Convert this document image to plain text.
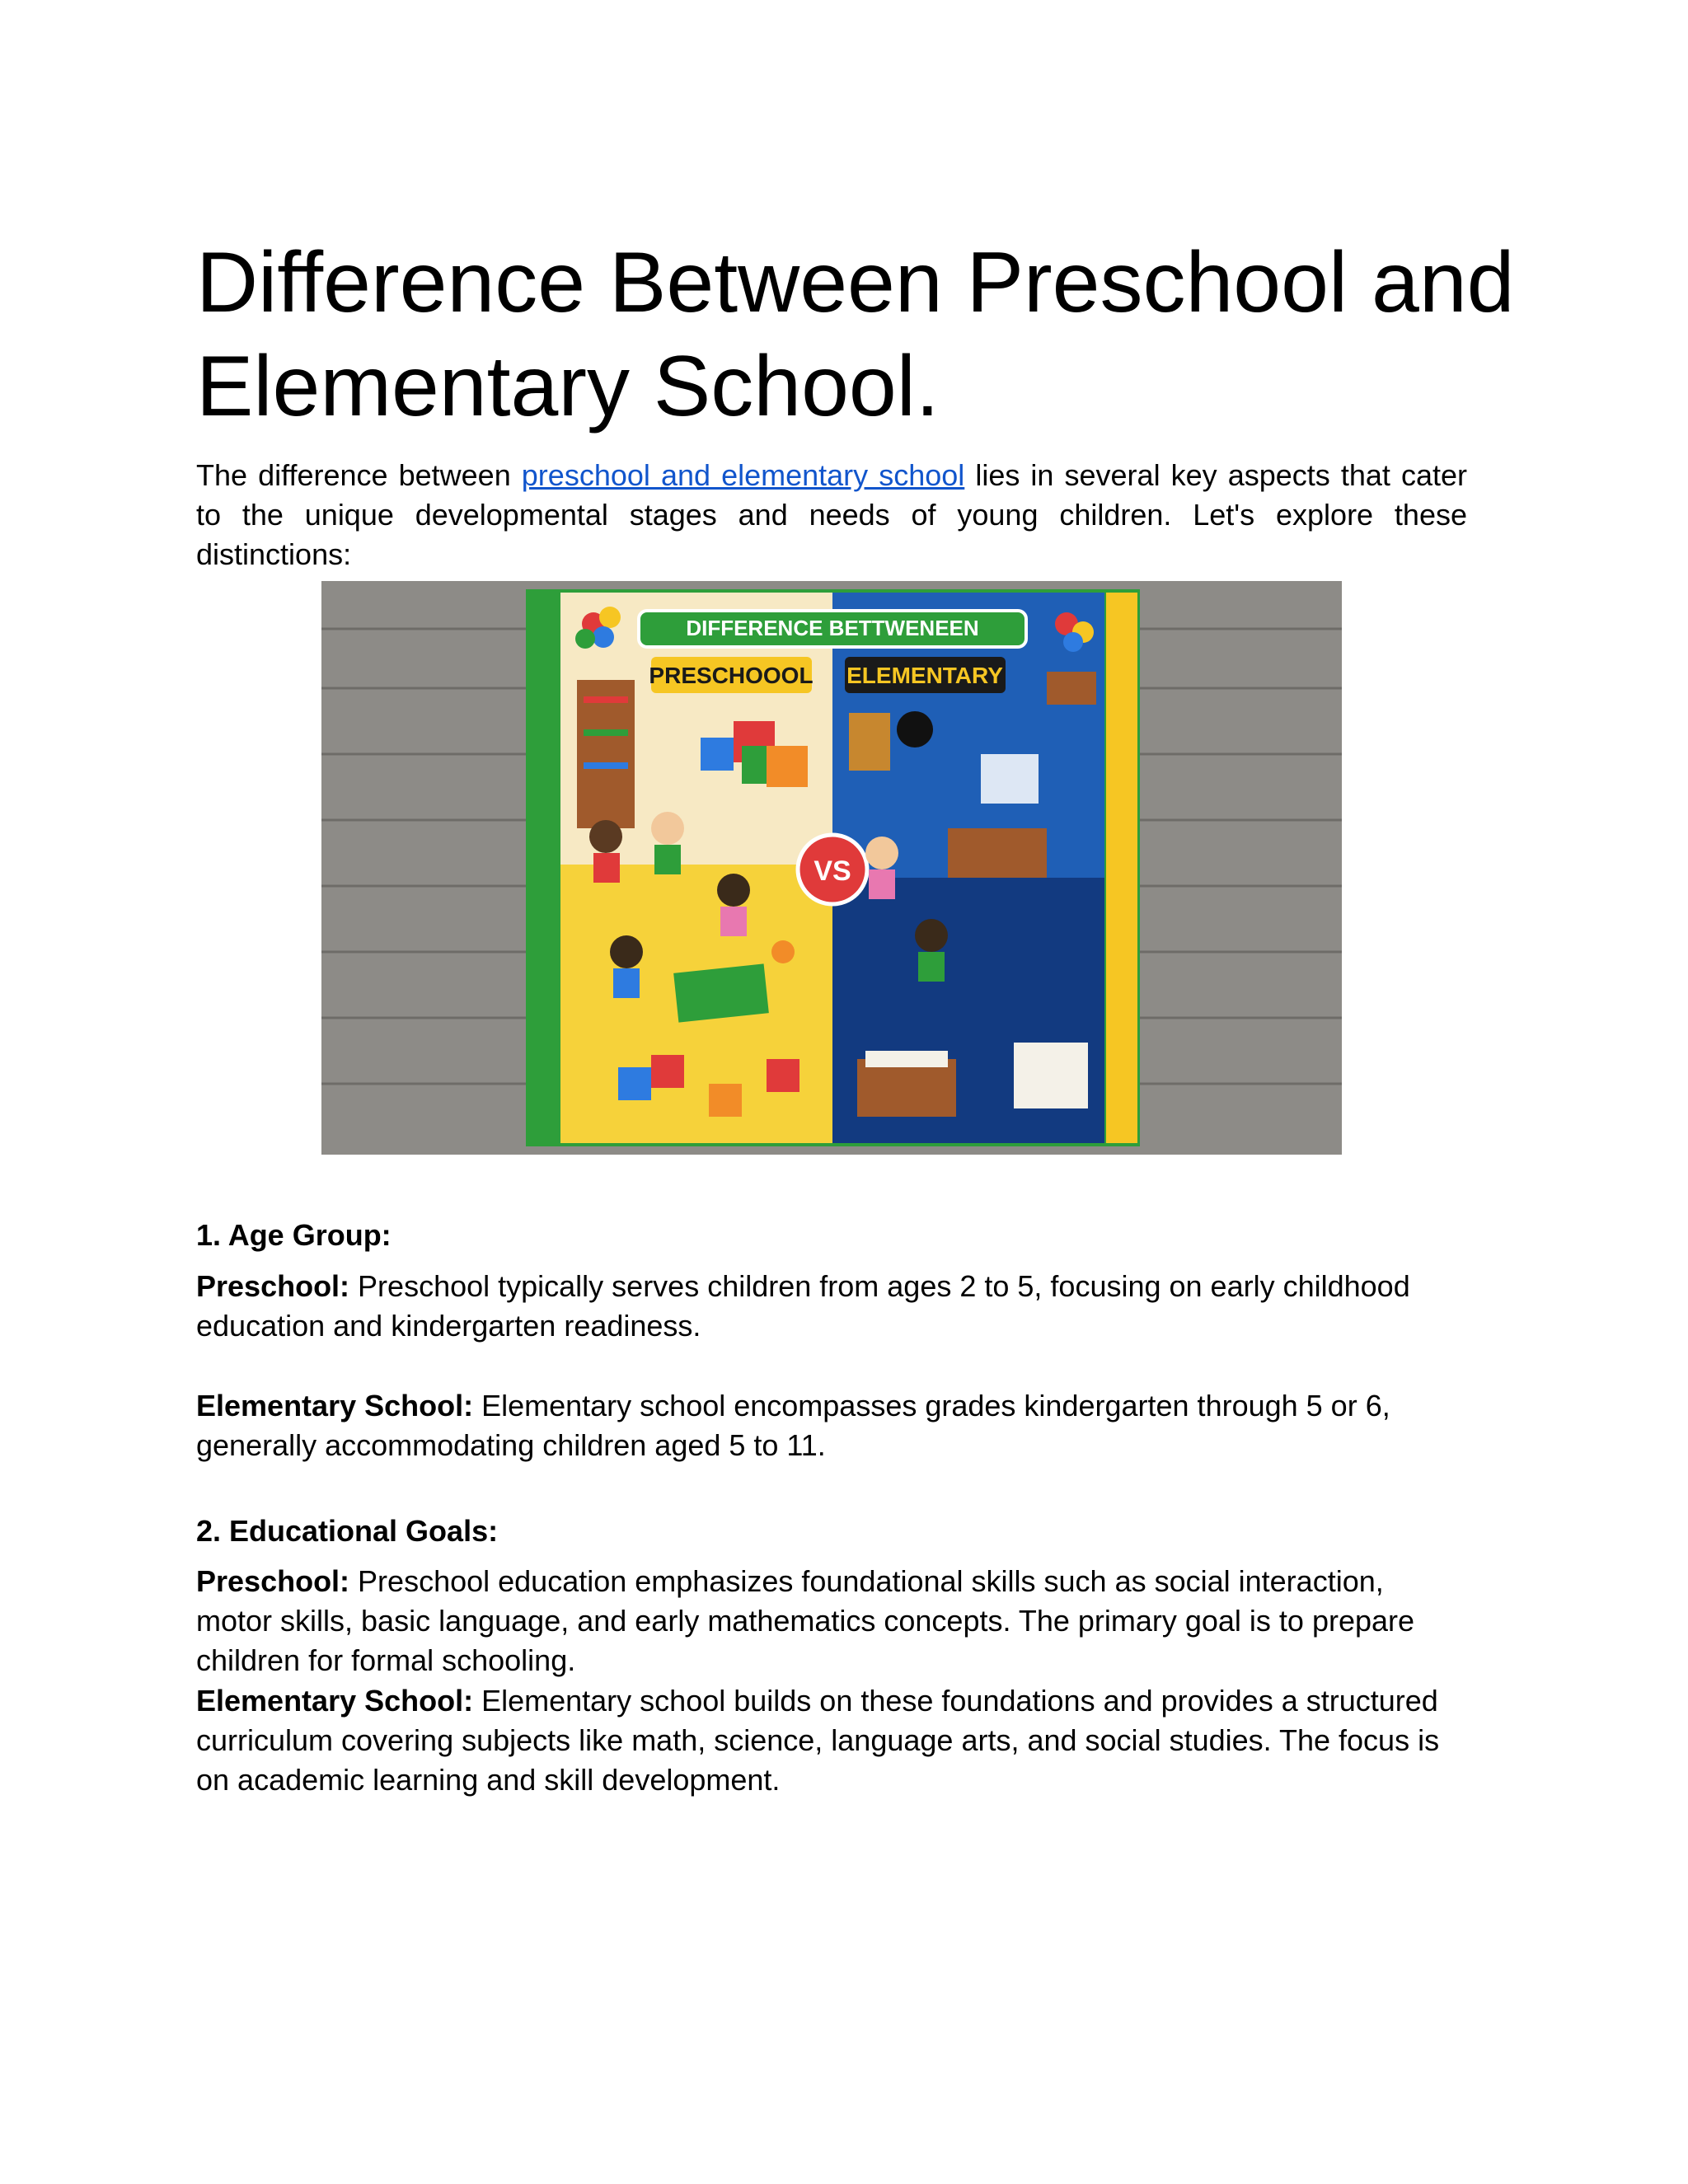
Difference Between Preschool and Elementary School.

The difference between preschool and elementary school lies in several key aspects that cater to the unique developmental stages and needs of young children. Let's explore these distinctions:

DIFFERENCE BETTWENEEN
PRESCHOOOL ELEMENTARY
VS
1. Age Group:

Preschool: Preschool typically serves children from ages 2 to 5, focusing on early childhood education and kindergarten readiness.

Elementary School: Elementary school encompasses grades kindergarten through 5 or 6, generally accommodating children aged 5 to 11.

2. Educational Goals:

Preschool: Preschool education emphasizes foundational skills such as social interaction, motor skills, basic language, and early mathematics concepts. The primary goal is to prepare children for formal schooling.

Elementary School: Elementary school builds on these foundations and provides a structured curriculum covering subjects like math, science, language arts, and social studies. The focus is on academic learning and skill development.
